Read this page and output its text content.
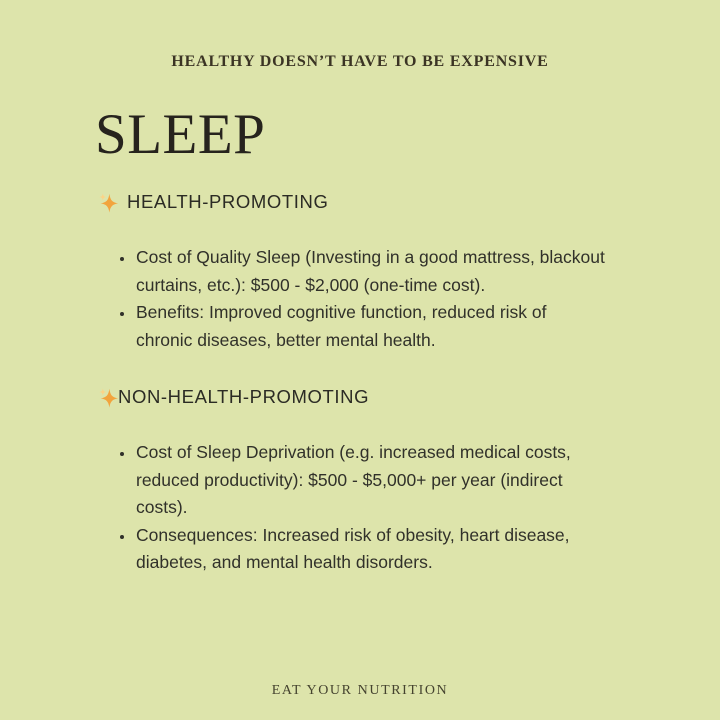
HEALTHY DOESN’T HAVE TO BE EXPENSIVE
SLEEP
HEALTH-PROMOTING
• Cost of Quality Sleep (Investing in a good mattress, blackout curtains, etc.): $500 - $2,000 (one-time cost).
• Benefits: Improved cognitive function, reduced risk of chronic diseases, better mental health.
NON-HEALTH-PROMOTING
• Cost of Sleep Deprivation (e.g. increased medical costs, reduced productivity): $500 - $5,000+ per year (indirect costs).
• Consequences: Increased risk of obesity, heart disease, diabetes, and mental health disorders.
EAT YOUR NUTRITION
